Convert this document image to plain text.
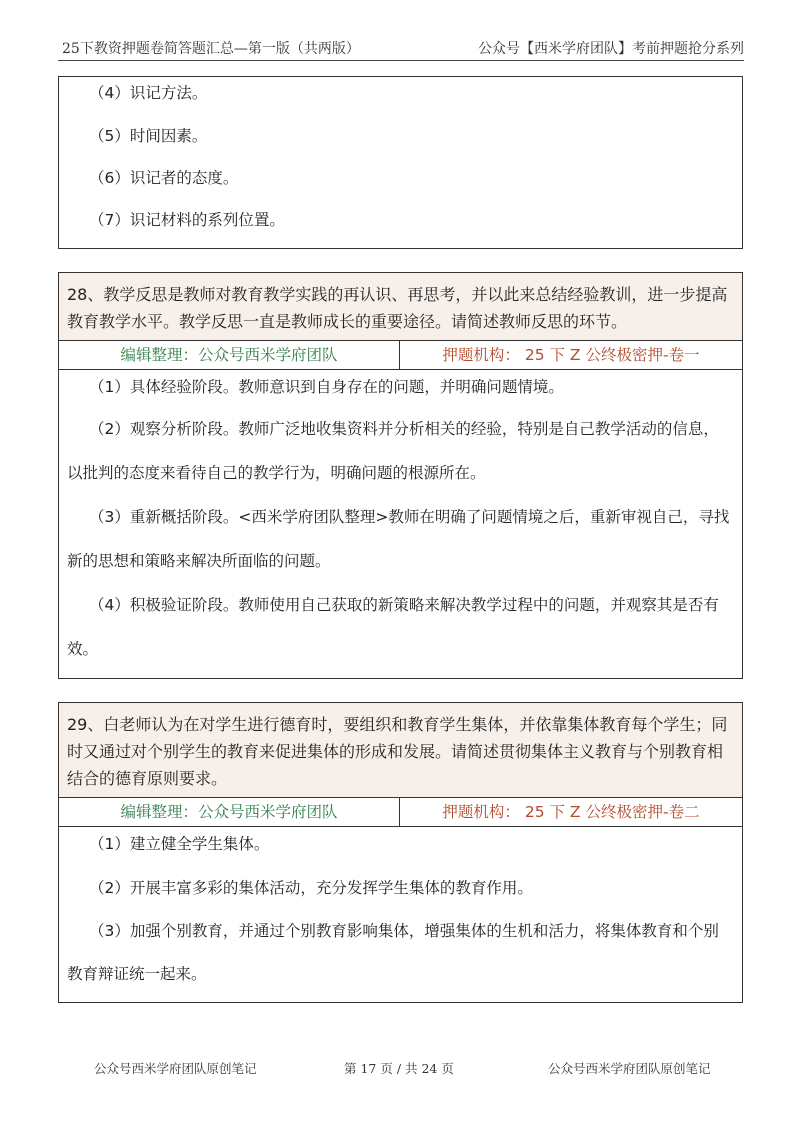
25下教资押题卷简答题汇总—第一版（共两版）	公众号【西米学府团队】考前押题抢分系列

（4）识记方法。

（5）时间因素。

（6）识记者的态度。

（7）识记材料的系列位置。

28、教学反思是教师对教育教学实践的再认识、再思考，并以此来总结经验教训，进一步提高

教育教学水平。教学反思一直是教师成长的重要途径。请简述教师反思的环节。

编辑整理：公众号西米学府团队	押题机构： 25 下 Z 公终极密押-卷一

（1）具体经验阶段。教师意识到自身存在的问题，并明确问题情境。

（2）观察分析阶段。教师广泛地收集资料并分析相关的经验，特别是自己教学活动的信息，

以批判的态度来看待自己的教学行为，明确问题的根源所在。

（3）重新概括阶段。<西米学府团队整理>教师在明确了问题情境之后，重新审视自己，寻找

新的思想和策略来解决所面临的问题。

（4）积极验证阶段。教师使用自己获取的新策略来解决教学过程中的问题，并观察其是否有

效。

29、白老师认为在对学生进行德育时，要组织和教育学生集体，并依靠集体教育每个学生；同

时又通过对个别学生的教育来促进集体的形成和发展。请简述贯彻集体主义教育与个别教育相

结合的德育原则要求。

编辑整理：公众号西米学府团队	押题机构： 25 下 Z 公终极密押-卷二

（1）建立健全学生集体。

（2）开展丰富多彩的集体活动，充分发挥学生集体的教育作用。

（3）加强个别教育，并通过个别教育影响集体，增强集体的生机和活力，将集体教育和个别

教育辩证统一起来。

公众号西米学府团队原创笔记	第 17 页 / 共 24 页	公众号西米学府团队原创笔记
